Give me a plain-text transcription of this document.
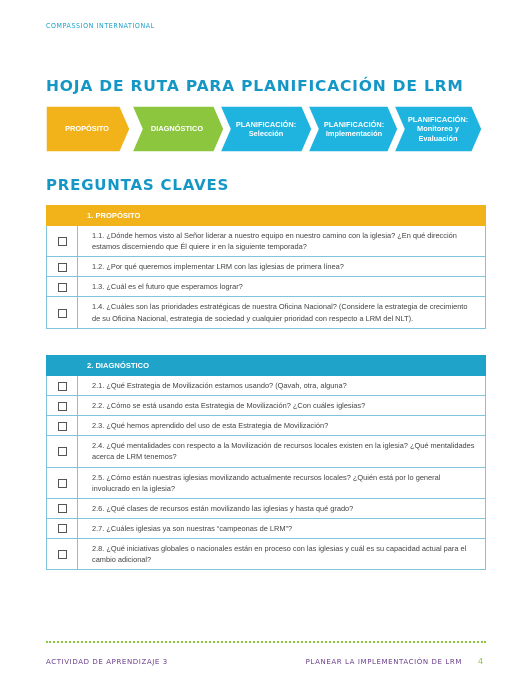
COMPASSION INTERNATIONAL
HOJA DE RUTA PARA PLANIFICACIÓN DE LRM
PROPÓSITO	DIAGNÓSTICO
PLANIFICACIÓN:
Selección
PLANIFICACIÓN:
Implementación
PLANIFICACIÓN:
Monitoreo y
Evaluación
PREGUNTAS CLAVES
	1. PROPÓSITO
	1.1. ¿Dónde hemos visto al Señor liderar a nuestro equipo en nuestro camino con la iglesia? ¿En qué dirección estamos discerniendo que Él quiere ir en la siguiente temporada?
	1.2. ¿Por qué queremos implementar LRM con las iglesias de primera línea?
	1.3. ¿Cuál es el futuro que esperamos lograr?
	1.4. ¿Cuáles son las prioridades estratégicas de nuestra Oficina Nacional? (Considere la estrategia de crecimiento de su Oficina Nacional, estrategia de sociedad y cualquier prioridad con respecto a LRM del NLT).
	2. DIAGNÓSTICO
	2.1. ¿Qué Estrategia de Movilización estamos usando? (Qavah, otra, alguna?
	2.2. ¿Cómo se está usando esta Estrategia de Movilización? ¿Con cuáles iglesias?
	2.3. ¿Qué hemos aprendido del uso de esta Estrategia de Movilización?
	2.4. ¿Qué mentalidades con respecto a la Movilización de recursos locales existen en la iglesia? ¿Qué mentalidades acerca de LRM tenemos?
	2.5. ¿Cómo están nuestras iglesias movilizando actualmente recursos locales? ¿Quién está por lo general involucrado en la iglesia?
	2.6. ¿Qué clases de recursos están movilizando las iglesias y hasta qué grado?
	2.7. ¿Cuáles iglesias ya son nuestras “campeonas de LRM”?
	2.8. ¿Qué iniciativas globales o nacionales están en proceso con las iglesias y cuál es su capacidad actual para el cambio adicional?
ACTIVIDAD DE APRENDIZAJE 3	PLANEAR LA IMPLEMENTACIÓN DE LRM 4
